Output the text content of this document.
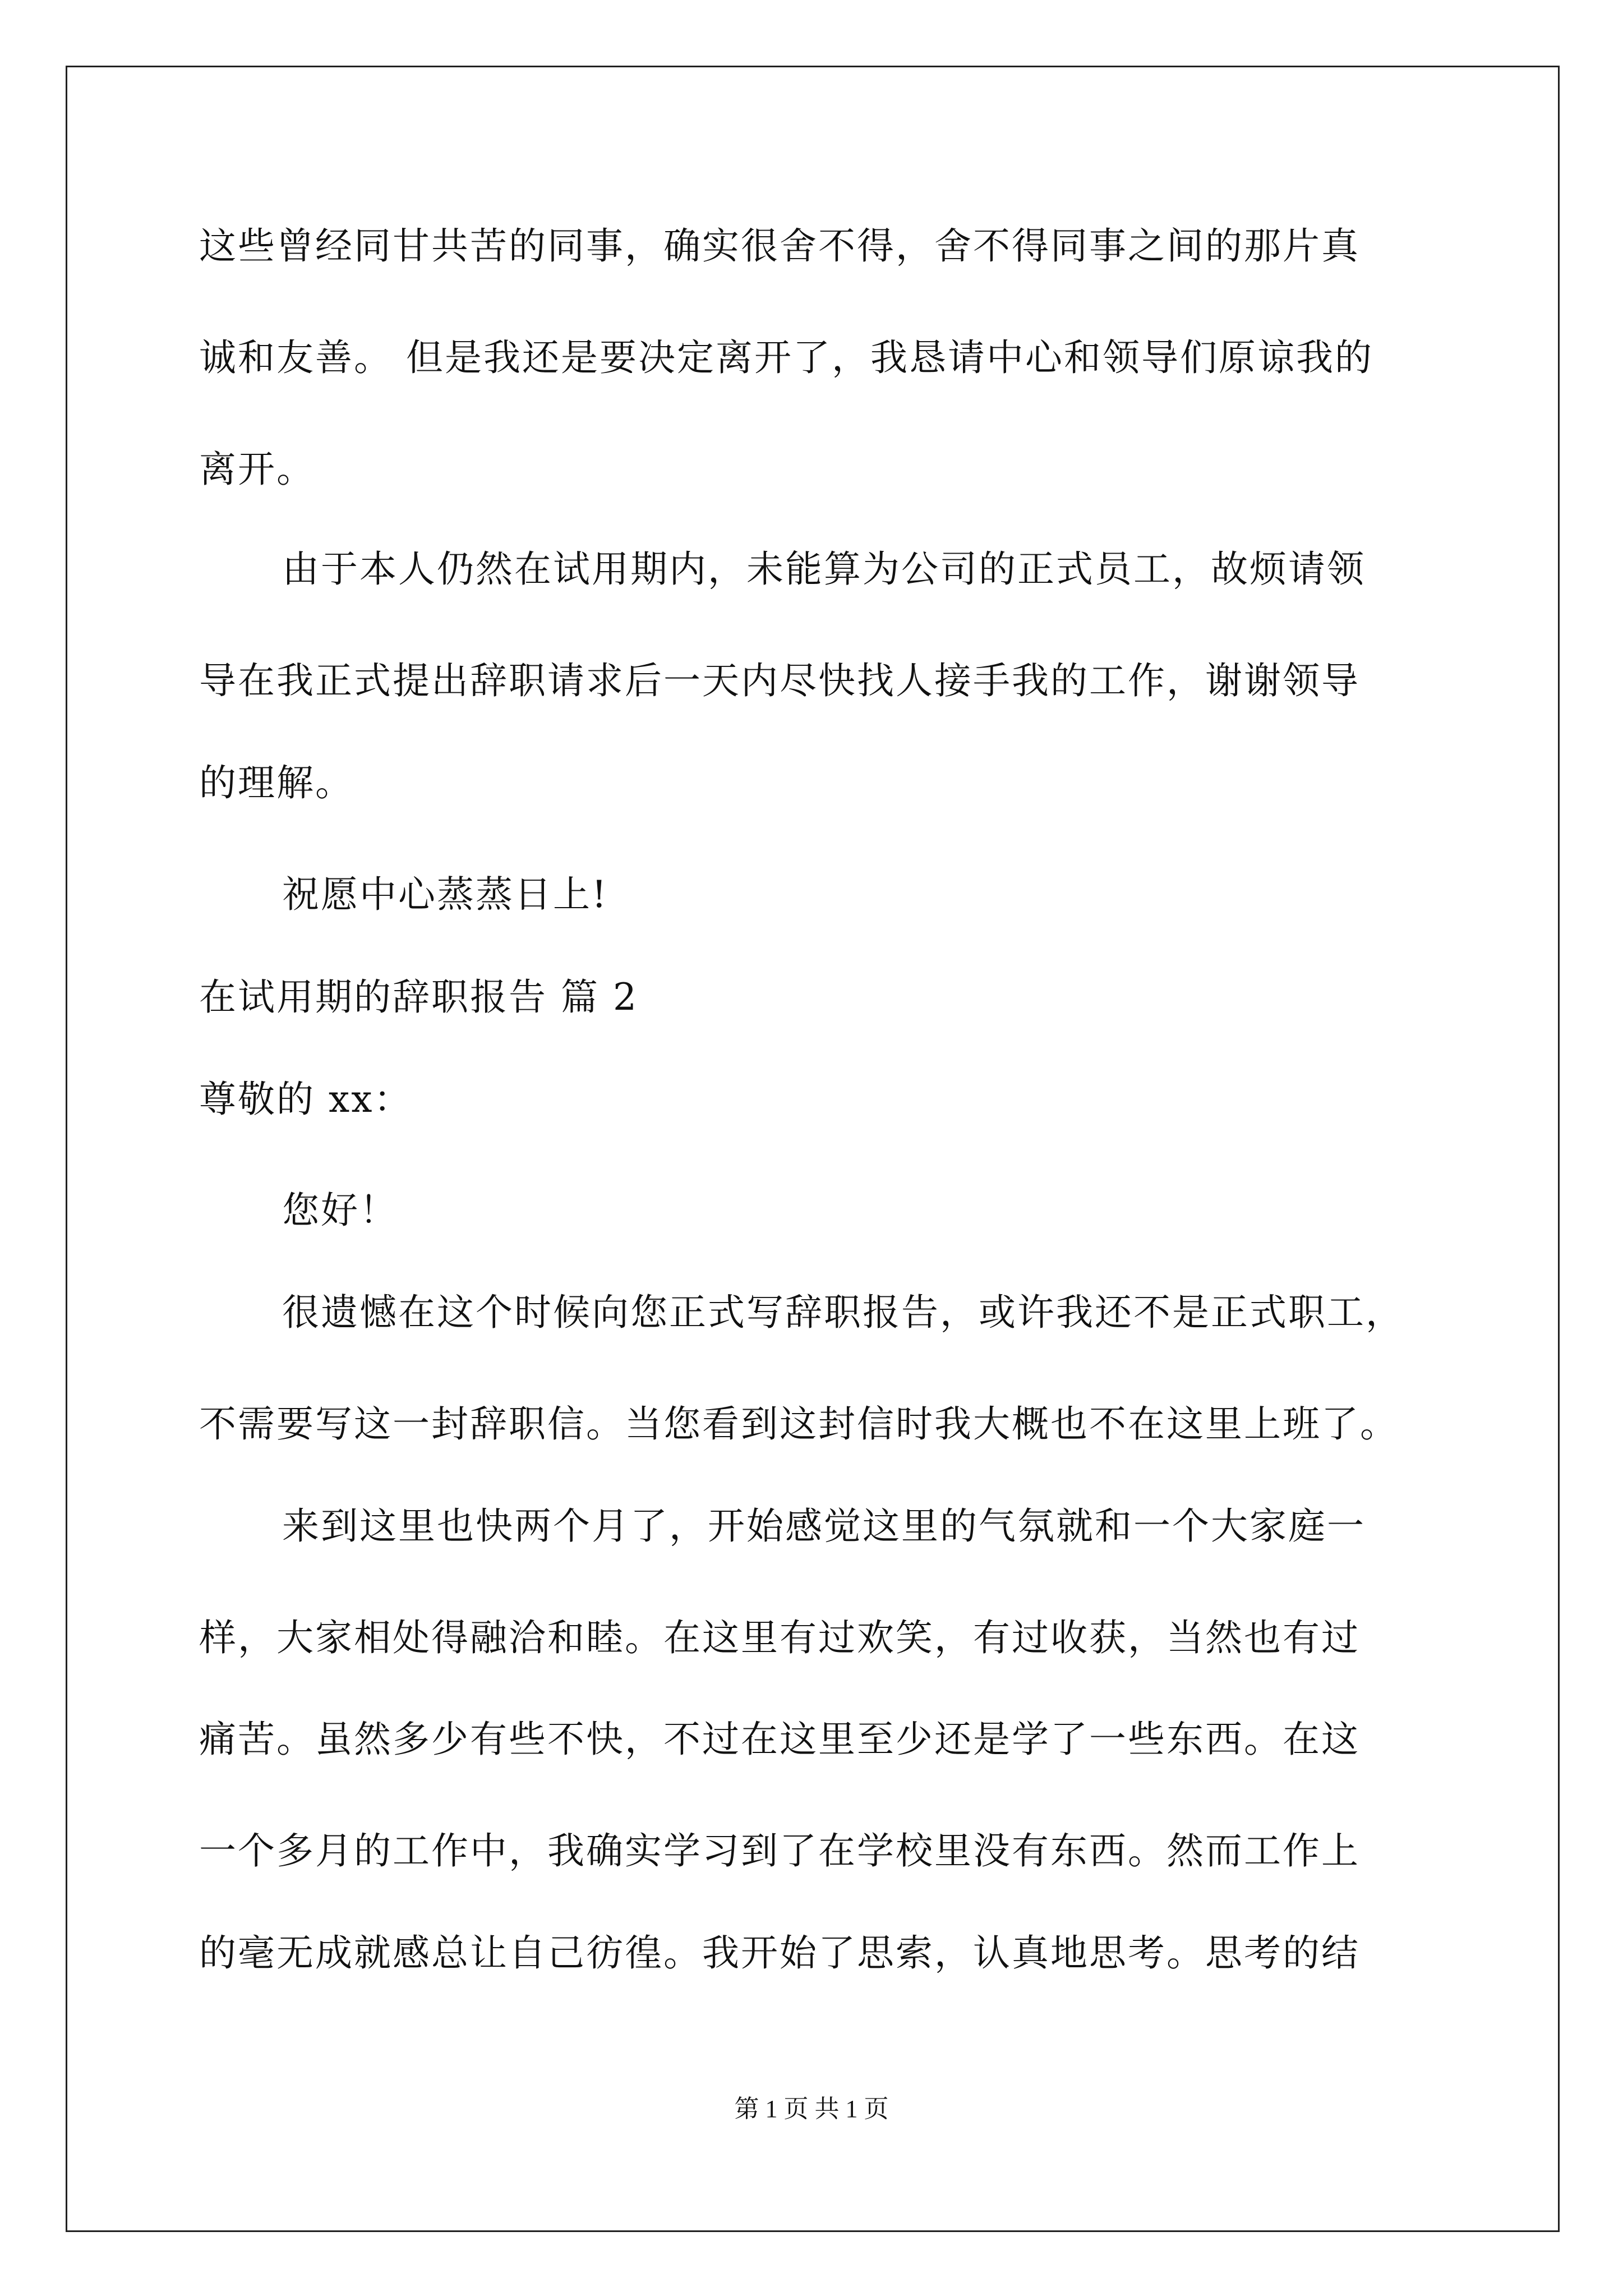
这些曾经同甘共苦的同事，确实很舍不得，舍不得同事之间的那片真
诚和友善。 但是我还是要决定离开了，我恳请中心和领导们原谅我的
离开。
由于本人仍然在试用期内，未能算为公司的正式员工，故烦请领
导在我正式提出辞职请求后一天内尽快找人接手我的工作，谢谢领导
的理解。
祝愿中心蒸蒸日上!
在试用期的辞职报告 篇 2
尊敬的 xx：
您好！
很遗憾在这个时候向您正式写辞职报告，或许我还不是正式职工，
不需要写这一封辞职信。当您看到这封信时我大概也不在这里上班了。
来到这里也快两个月了，开始感觉这里的气氛就和一个大家庭一
样，大家相处得融洽和睦。在这里有过欢笑，有过收获，当然也有过
痛苦。虽然多少有些不快，不过在这里至少还是学了一些东西。在这
一个多月的工作中，我确实学习到了在学校里没有东西。然而工作上
的毫无成就感总让自己彷徨。我开始了思索，认真地思考。思考的结
第 1 页 共 1 页
